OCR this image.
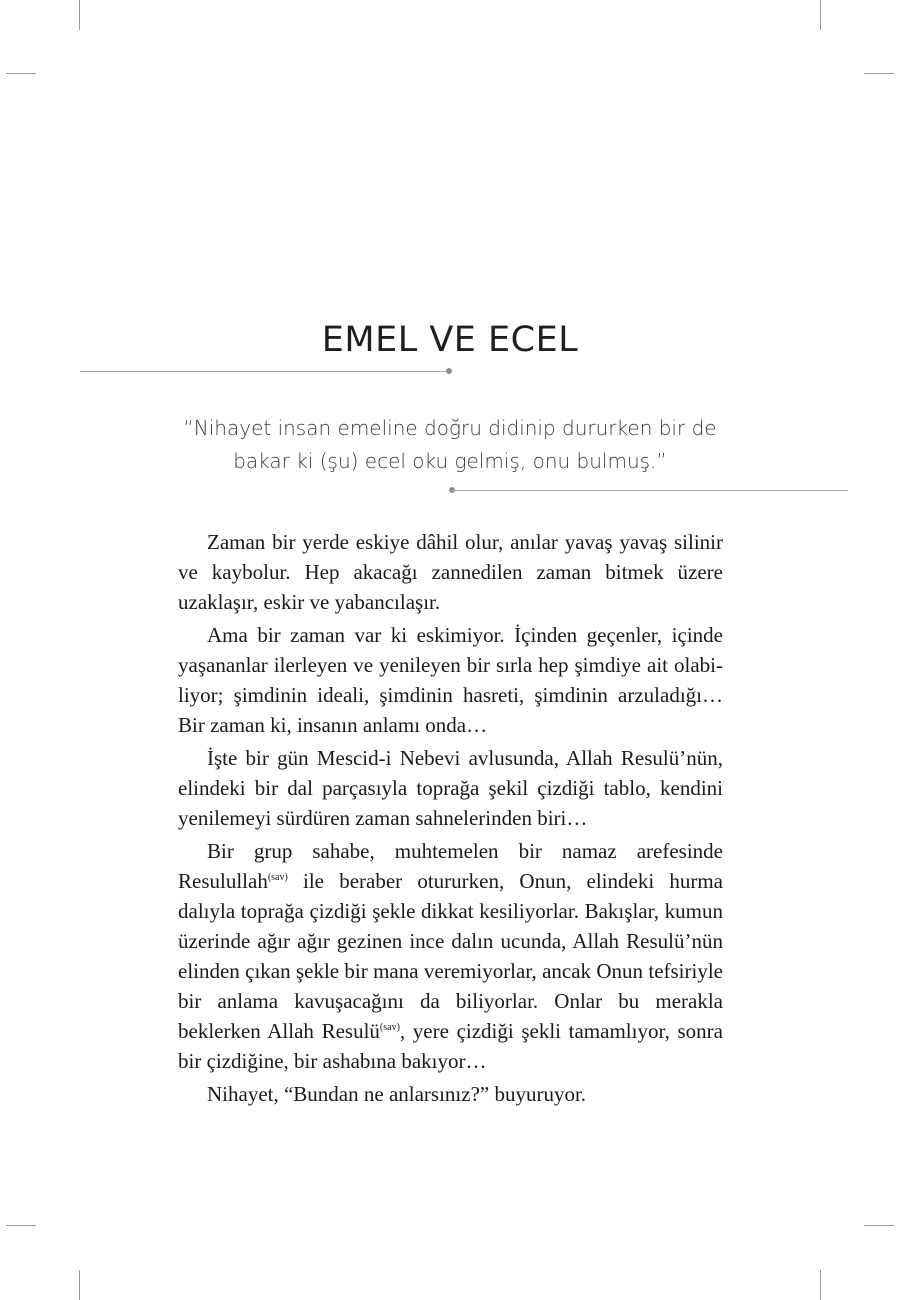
EMEL VE ECEL
“Nihayet insan emeline doğru didinip dururken bir de
bakar ki (şu) ecel oku gelmiş, onu bulmuş.”

Zaman bir yerde eskiye dâhil olur, anılar yavaş yavaş silinir ve kaybolur. Hep akacağı zannedilen zaman bitmek üzere uzaklaşır, eskir ve yabancılaşır.

Ama bir zaman var ki eskimiyor. İçinden geçenler, içinde yaşananlar ilerleyen ve yenileyen bir sırla hep şimdiye ait olabiliyor; şimdinin ideali, şimdinin hasreti, şimdinin arzuladığı… Bir zaman ki, insanın anlamı onda…

İşte bir gün Mescid-i Nebevi avlusunda, Allah Resulü’nün, elindeki bir dal parçasıyla toprağa şekil çizdiği tablo, kendini yenilemeyi sürdüren zaman sahnelerinden biri…

Bir grup sahabe, muhtemelen bir namaz arefesinde Resulullah$^{(sav)}$ ile beraber otururken, Onun, elindeki hurma dalıyla toprağa çizdiği şekle dikkat kesiliyorlar. Bakışlar, kumun üzerinde ağır ağır gezinen ince dalın ucunda, Allah Resulü’nün elinden çıkan şekle bir mana veremiyorlar, ancak Onun tefsiriyle bir anlama kavuşacağını da biliyorlar. Onlar bu merakla beklerken Allah Resulü$^{(sav)}$, yere çizdiği şekli tamamlıyor, sonra bir çizdiğine, bir ashabına bakıyor…

Nihayet, “Bundan ne anlarsınız?” buyuruyor.
